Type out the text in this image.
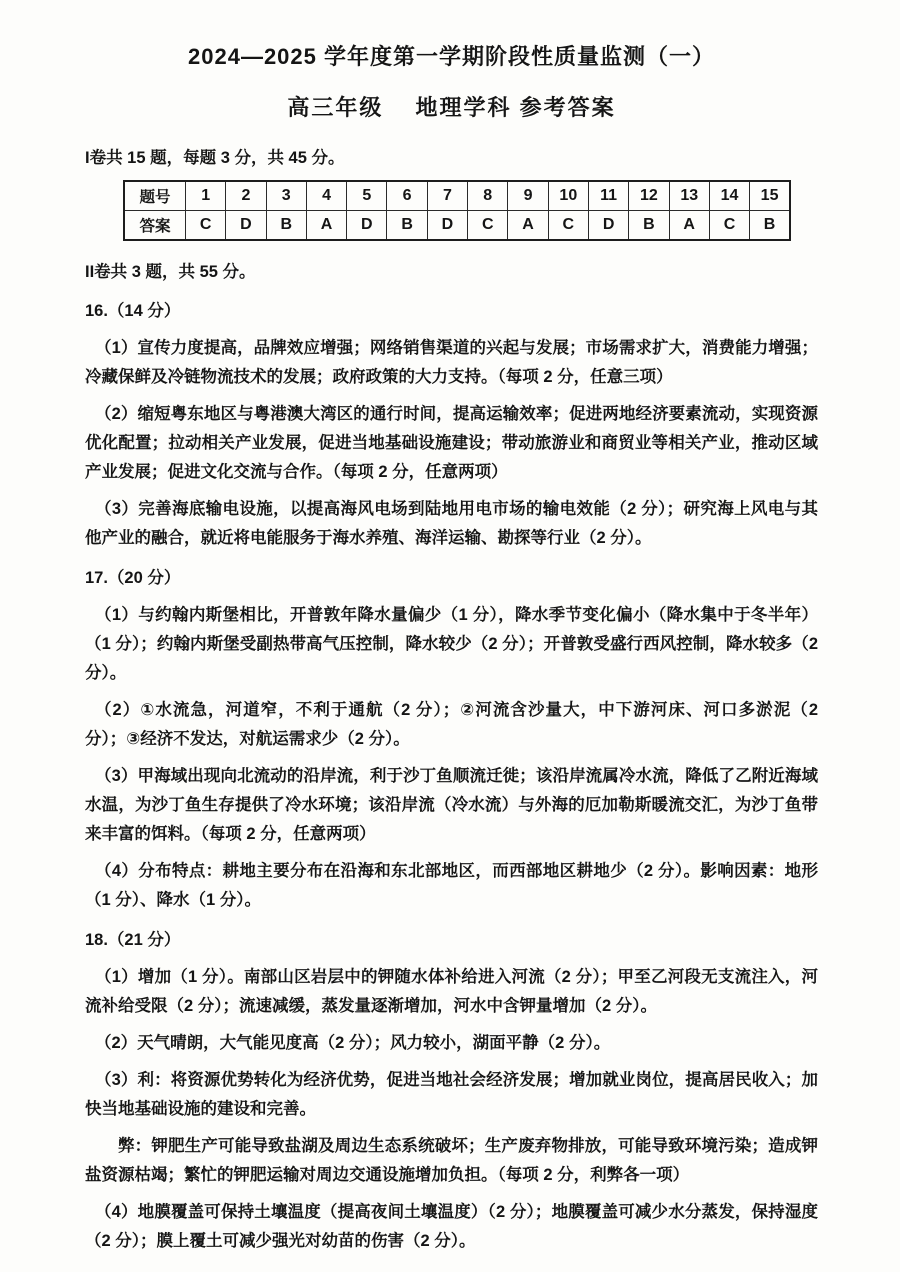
2024—2025 学年度第一学期阶段性质量监测（一）
高三年级　 地理学科 参考答案
I卷共 15 题，每题 3 分，共 45 分。
题号	1	2	3	4	5	6	7	8	9	10	11	12	13	14	15
答案	C	D	B	A	D	B	D	C	A	C	D	B	A	C	B
II卷共 3 题，共 55 分。
16.（14 分）

（1）宣传力度提高，品牌效应增强；网络销售渠道的兴起与发展；市场需求扩大，消费能力增强；冷藏保鲜及冷链物流技术的发展；政府政策的大力支持。（每项 2 分，任意三项）

（2）缩短粤东地区与粤港澳大湾区的通行时间，提高运输效率；促进两地经济要素流动，实现资源优化配置；拉动相关产业发展，促进当地基础设施建设；带动旅游业和商贸业等相关产业，推动区域产业发展；促进文化交流与合作。（每项 2 分，任意两项）

（3）完善海底输电设施，以提高海风电场到陆地用电市场的输电效能（2 分）；研究海上风电与其他产业的融合，就近将电能服务于海水养殖、海洋运输、勘探等行业（2 分）。

17.（20 分）

（1）与约翰内斯堡相比，开普敦年降水量偏少（1 分），降水季节变化偏小（降水集中于冬半年）（1 分）；约翰内斯堡受副热带高气压控制，降水较少（2 分）；开普敦受盛行西风控制，降水较多（2 分）。

（2）①水流急，河道窄，不利于通航（2 分）；②河流含沙量大，中下游河床、河口多淤泥（2 分）；③经济不发达，对航运需求少（2 分）。

（3）甲海域出现向北流动的沿岸流，利于沙丁鱼顺流迁徙；该沿岸流属冷水流，降低了乙附近海域水温，为沙丁鱼生存提供了冷水环境；该沿岸流（冷水流）与外海的厄加勒斯暖流交汇，为沙丁鱼带来丰富的饵料。（每项 2 分，任意两项）

（4）分布特点：耕地主要分布在沿海和东北部地区，而西部地区耕地少（2 分）。影响因素：地形（1 分）、降水（1 分）。

18.（21 分）

（1）增加（1 分）。南部山区岩层中的钾随水体补给进入河流（2 分）；甲至乙河段无支流注入，河流补给受限（2 分）；流速减缓，蒸发量逐渐增加，河水中含钾量增加（2 分）。

（2）天气晴朗，大气能见度高（2 分）；风力较小，湖面平静（2 分）。

（3）利：将资源优势转化为经济优势，促进当地社会经济发展；增加就业岗位，提高居民收入；加快当地基础设施的建设和完善。

弊：钾肥生产可能导致盐湖及周边生态系统破坏；生产废弃物排放，可能导致环境污染；造成钾盐资源枯竭；繁忙的钾肥运输对周边交通设施增加负担。（每项 2 分，利弊各一项）

（4）地膜覆盖可保持土壤温度（提高夜间土壤温度）（2 分）；地膜覆盖可减少水分蒸发，保持湿度（2 分）；膜上覆土可减少强光对幼苗的伤害（2 分）。
